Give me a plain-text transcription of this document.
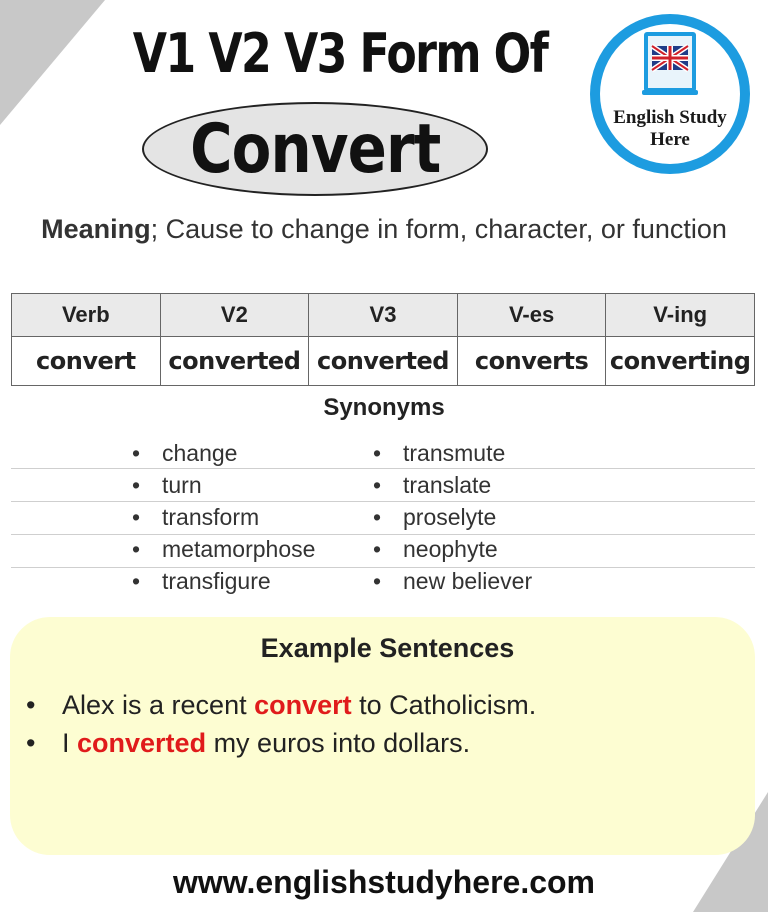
V1 V2 V3 Form Of
Convert	English Study
Here
Meaning; Cause to change in form, character, or function
Verb	V2	V3	V-es	V-ing
convert	converted	converted	converts	converting
Synonyms
• change
• turn
• transform
• metamorphose
• transfigure
• transmute
• translate
• proselyte
• neophyte
• new believer
Example Sentences
• Alex is a recent convert to Catholicism.
• I converted my euros into dollars.
www.englishstudyhere.com
